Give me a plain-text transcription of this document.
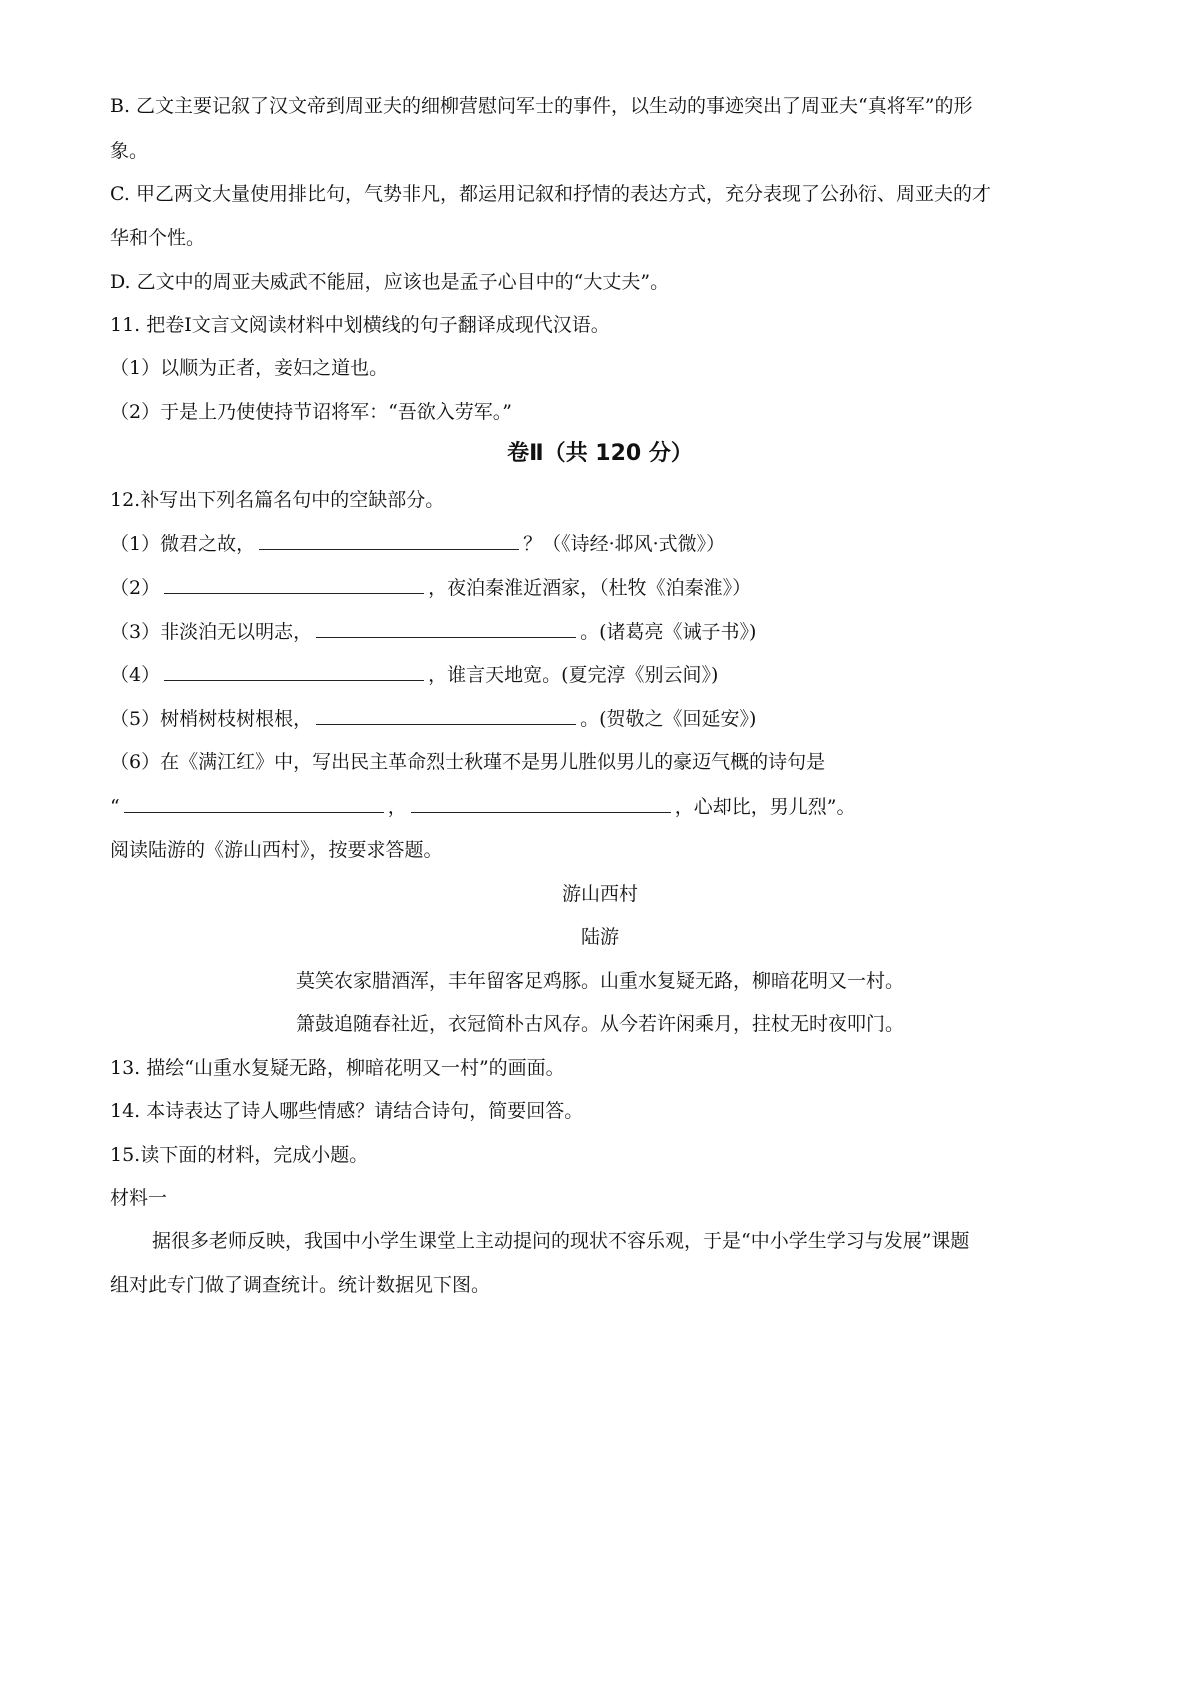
B. 乙文主要记叙了汉文帝到周亚夫的细柳营慰问军士的事件，以生动的事迹突出了周亚夫“真将军”的形
象。
C. 甲乙两文大量使用排比句，气势非凡，都运用记叙和抒情的表达方式，充分表现了公孙衍、周亚夫的才
华和个性。
D. 乙文中的周亚夫威武不能屈，应该也是孟子心目中的“大丈夫”。
11. 把卷Ⅰ文言文阅读材料中划横线的句子翻译成现代汉语。
（1）以顺为正者，妾妇之道也。
（2）于是上乃使使持节诏将军：“吾欲入劳军。”
卷Ⅱ（共 120 分）
12.补写出下列名篇名句中的空缺部分。
（1）微君之故，	？（《诗经·邶风·式微》）
（2）	，夜泊秦淮近酒家，（杜牧《泊秦淮》）
（3）非淡泊无以明志，	。(诸葛亮《诫子书》)
（4）	，谁言天地宽。(夏完淳《别云间》)
（5）树梢树枝树根根，	。(贺敬之《回延安》)
（6）在《满江红》中，写出民主革命烈士秋瑾不是男儿胜似男儿的豪迈气概的诗句是
“	，	，心却比，男儿烈”。
阅读陆游的《游山西村》，按要求答题。
游山西村
陆游
莫笑农家腊酒浑，丰年留客足鸡豚。山重水复疑无路，柳暗花明又一村。
箫鼓追随春社近，衣冠简朴古风存。从今若许闲乘月，拄杖无时夜叩门。
13. 描绘“山重水复疑无路，柳暗花明又一村”的画面。
14. 本诗表达了诗人哪些情感？请结合诗句，简要回答。
15.读下面的材料，完成小题。
材料一
据很多老师反映，我国中小学生课堂上主动提问的现状不容乐观，于是“中小学生学习与发展”课题
组对此专门做了调查统计。统计数据见下图。
